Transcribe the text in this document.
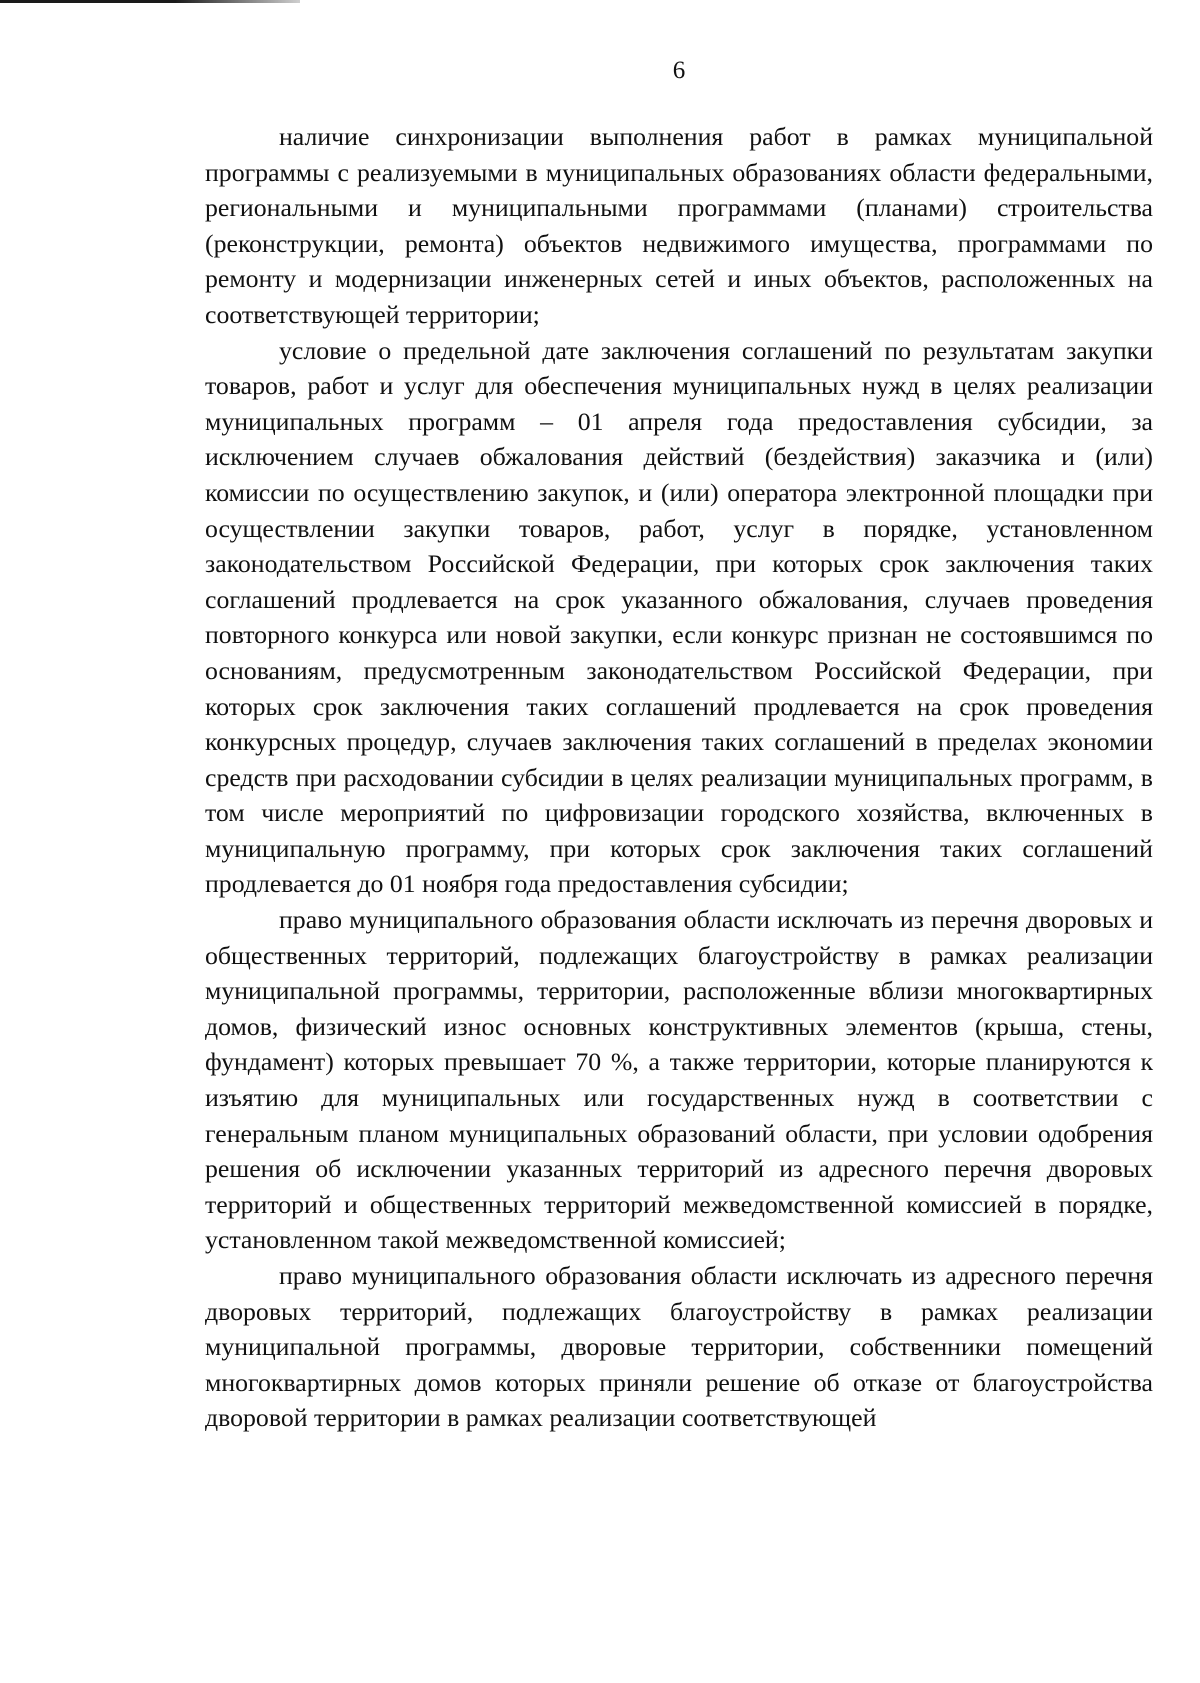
6

наличие синхронизации выполнения работ в рамках муниципальной программы с реализуемыми в муниципальных образованиях области федеральными, региональными и муниципальными программами (планами) строительства (реконструкции, ремонта) объектов недвижимого имущества, программами по ремонту и модернизации инженерных сетей и иных объектов, расположенных на соответствующей территории;

условие о предельной дате заключения соглашений по результатам закупки товаров, работ и услуг для обеспечения муниципальных нужд в целях реализации муниципальных программ – 01 апреля года предоставления субсидии, за исключением случаев обжалования действий (бездействия) заказчика и (или) комиссии по осуществлению закупок, и (или) оператора электронной площадки при осуществлении закупки товаров, работ, услуг в порядке, установленном законодательством Российской Федерации, при которых срок заключения таких соглашений продлевается на срок указанного обжалования, случаев проведения повторного конкурса или новой закупки, если конкурс признан не состоявшимся по основаниям, предусмотренным законодательством Российской Федерации, при которых срок заключения таких соглашений продлевается на срок проведения конкурсных процедур, случаев заключения таких соглашений в пределах экономии средств при расходовании субсидии в целях реализации муниципальных программ, в том числе мероприятий по цифровизации городского хозяйства, включенных в муниципальную программу, при которых срок заключения таких соглашений продлевается до 01 ноября года предоставления субсидии;

право муниципального образования области исключать из перечня дворовых и общественных территорий, подлежащих благоустройству в рамках реализации муниципальной программы, территории, расположенные вблизи многоквартирных домов, физический износ основных конструктивных элементов (крыша, стены, фундамент) которых превышает 70 %, а также территории, которые планируются к изъятию для муниципальных или государственных нужд в соответствии с генеральным планом муниципальных образований области, при условии одобрения решения об исключении указанных территорий из адресного перечня дворовых территорий и общественных территорий межведомственной комиссией в порядке, установленном такой межведомственной комиссией;

право муниципального образования области исключать из адресного перечня дворовых территорий, подлежащих благоустройству в рамках реализации муниципальной программы, дворовые территории, собственники помещений многоквартирных домов которых приняли решение об отказе от благоустройства дворовой территории в рамках реализации соответствующей
